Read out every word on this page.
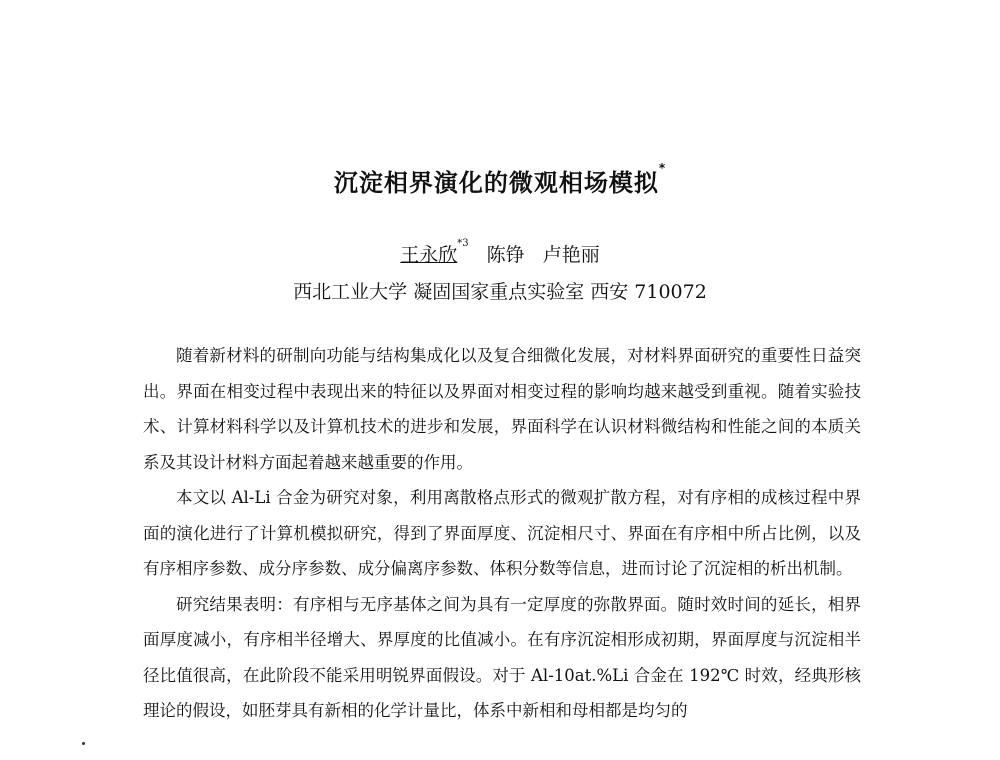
沉淀相界演化的微观相场模拟*
王永欣$^{*3}$陈铮 卢艳丽
西北工业大学 凝固国家重点实验室 西安 710072

随着新材料的研制向功能与结构集成化以及复合细微化发展，对材料界面研究的重要性日益突出。界面在相变过程中表现出来的特征以及界面对相变过程的影响均越来越受到重视。随着实验技术、计算材料科学以及计算机技术的进步和发展，界面科学在认识材料微结构和性能之间的本质关系及其设计材料方面起着越来越重要的作用。

本文以 Al-Li 合金为研究对象，利用离散格点形式的微观扩散方程，对有序相的成核过程中界面的演化进行了计算机模拟研究，得到了界面厚度、沉淀相尺寸、界面在有序相中所占比例，以及有序相序参数、成分序参数、成分偏离序参数、体积分数等信息，进而讨论了沉淀相的析出机制。

研究结果表明：有序相与无序基体之间为具有一定厚度的弥散界面。随时效时间的延长，相界面厚度减小，有序相半径增大、界厚度的比值减小。在有序沉淀相形成初期，界面厚度与沉淀相半径比值很高，在此阶段不能采用明锐界面假设。对于 Al-10at.%Li 合金在 192℃ 时效，经典形核理论的假设，如胚芽具有新相的化学计量比，体系中新相和母相都是均匀的
